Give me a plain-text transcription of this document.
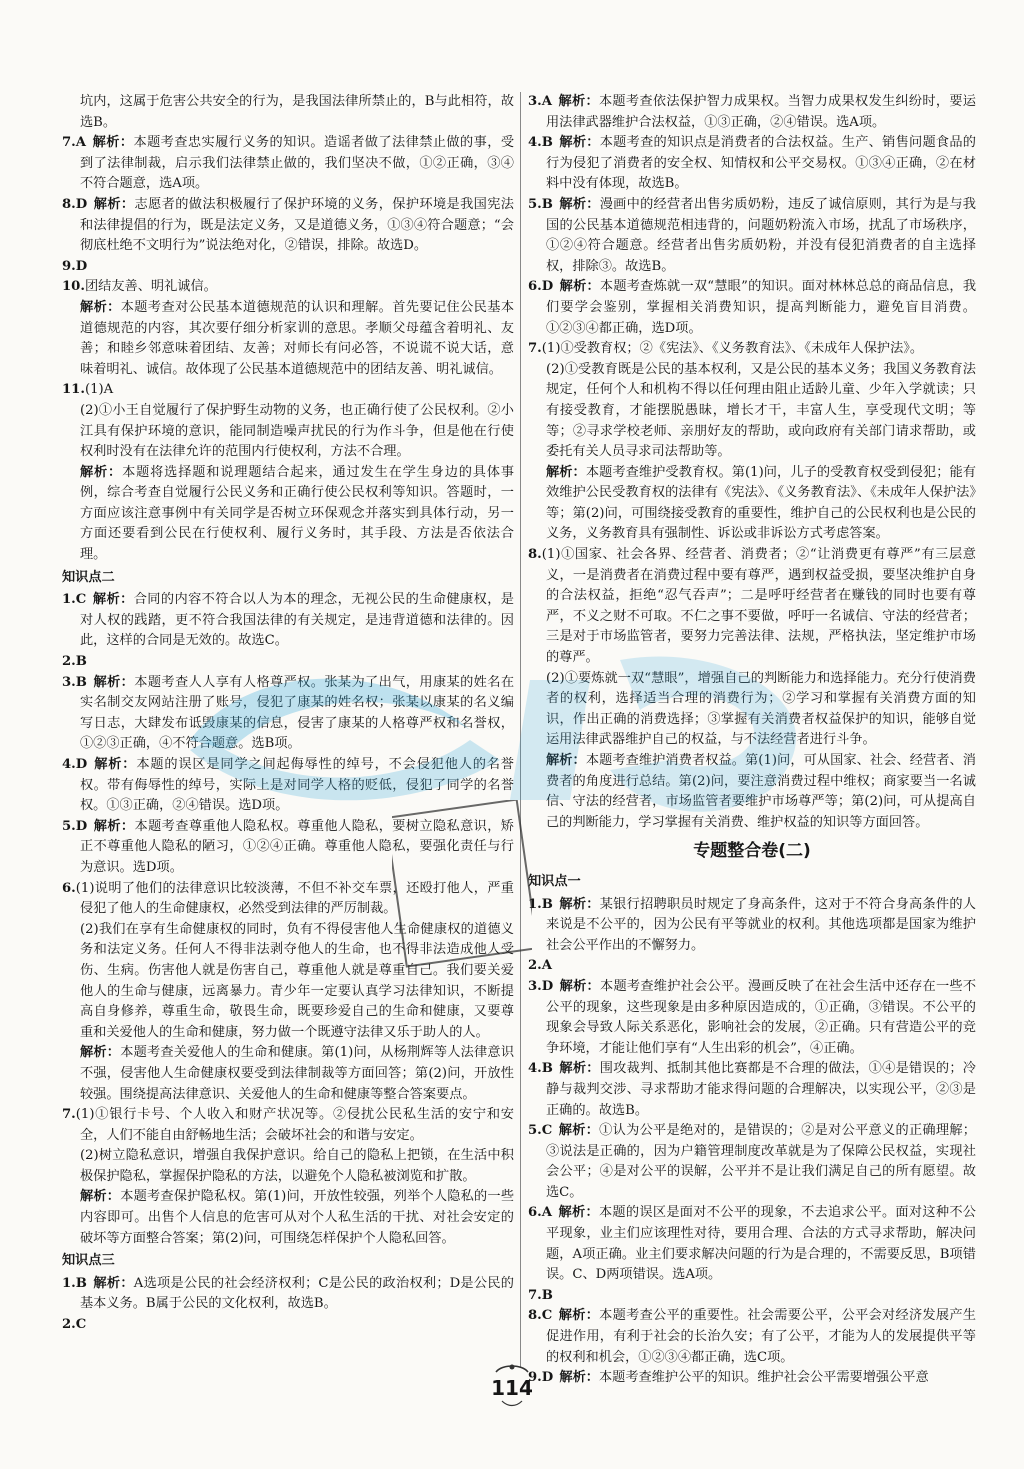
坑内，这属于危害公共安全的行为，是我国法律所禁止的，B与此相符，故选B。

7.A 解析：本题考查忠实履行义务的知识。造谣者做了法律禁止做的事，受到了法律制裁，启示我们法律禁止做的，我们坚决不做，①②正确，③④不符合题意，选A项。

8.D 解析：志愿者的做法积极履行了保护环境的义务，保护环境是我国宪法和法律提倡的行为，既是法定义务，又是道德义务，①③④符合题意；“会彻底杜绝不文明行为”说法绝对化，②错误，排除。故选D。

9.D

10.团结友善、明礼诚信。

解析：本题考查对公民基本道德规范的认识和理解。首先要记住公民基本道德规范的内容，其次要仔细分析家训的意思。孝顺父母蕴含着明礼、友善；和睦乡邻意味着团结、友善；对师长有问必答，不说谎不说大话，意味着明礼、诚信。故体现了公民基本道德规范中的团结友善、明礼诚信。

11.(1)A

(2)①小王自觉履行了保护野生动物的义务，也正确行使了公民权利。②小江具有保护环境的意识，能同制造噪声扰民的行为作斗争，但是他在行使权利时没有在法律允许的范围内行使权利，方法不合理。

解析：本题将选择题和说理题结合起来，通过发生在学生身边的具体事例，综合考查自觉履行公民义务和正确行使公民权利等知识。答题时，一方面应该注意事例中有关同学是否树立环保观念并落实到具体行动，另一方面还要看到公民在行使权利、履行义务时，其手段、方法是否依法合理。

知识点二

1.C 解析：合同的内容不符合以人为本的理念，无视公民的生命健康权，是对人权的践踏，更不符合我国法律的有关规定，是违背道德和法律的。因此，这样的合同是无效的。故选C。

2.B

3.B 解析：本题考查人人享有人格尊严权。张某为了出气，用康某的姓名在实名制交友网站注册了账号，侵犯了康某的姓名权；张某以康某的名义编写日志，大肆发布诋毁康某的信息，侵害了康某的人格尊严权和名誉权，①②③正确，④不符合题意。选B项。

4.D 解析：本题的误区是同学之间起侮辱性的绰号，不会侵犯他人的名誉权。带有侮辱性的绰号，实际上是对同学人格的贬低，侵犯了同学的名誉权。①③正确，②④错误。选D项。

5.D 解析：本题考查尊重他人隐私权。尊重他人隐私，要树立隐私意识，矫正不尊重他人隐私的陋习，①②④正确。尊重他人隐私，要强化责任与行为意识。选D项。

6.(1)说明了他们的法律意识比较淡薄，不但不补交车票，还殴打他人，严重侵犯了他人的生命健康权，必然受到法律的严厉制裁。

(2)我们在享有生命健康权的同时，负有不得侵害他人生命健康权的道德义务和法定义务。任何人不得非法剥夺他人的生命，也不得非法造成他人受伤、生病。伤害他人就是伤害自己，尊重他人就是尊重自己。我们要关爱他人的生命与健康，远离暴力。青少年一定要认真学习法律知识，不断提高自身修养，尊重生命，敬畏生命，既要珍爱自己的生命和健康，又要尊重和关爱他人的生命和健康，努力做一个既遵守法律又乐于助人的人。

解析：本题考查关爱他人的生命和健康。第(1)问，从杨荆辉等人法律意识不强，侵害他人生命健康权要受到法律制裁等方面回答；第(2)问，开放性较强。围绕提高法律意识、关爱他人的生命和健康等整合答案要点。

7.(1)①银行卡号、个人收入和财产状况等。②侵扰公民私生活的安宁和安全，人们不能自由舒畅地生活；会破坏社会的和谐与安定。

(2)树立隐私意识，增强自我保护意识。给自己的隐私上把锁，在生活中积极保护隐私，掌握保护隐私的方法，以避免个人隐私被浏览和扩散。

解析：本题考查保护隐私权。第(1)问，开放性较强，列举个人隐私的一些内容即可。出售个人信息的危害可从对个人私生活的干扰、对社会安定的破坏等方面整合答案；第(2)问，可围绕怎样保护个人隐私回答。

知识点三

1.B 解析：A选项是公民的社会经济权利；C是公民的政治权利；D是公民的基本义务。B属于公民的文化权利，故选B。

2.C

3.A 解析：本题考查依法保护智力成果权。当智力成果权发生纠纷时，要运用法律武器维护合法权益，①③正确，②④错误。选A项。

4.B 解析：本题考查的知识点是消费者的合法权益。生产、销售问题食品的行为侵犯了消费者的安全权、知情权和公平交易权。①③④正确，②在材料中没有体现，故选B。

5.B 解析：漫画中的经营者出售劣质奶粉，违反了诚信原则，其行为是与我国的公民基本道德规范相违背的，问题奶粉流入市场，扰乱了市场秩序，①②④符合题意。经营者出售劣质奶粉，并没有侵犯消费者的自主选择权，排除③。故选B。

6.D 解析：本题考查炼就一双“慧眼”的知识。面对林林总总的商品信息，我们要学会鉴别，掌握相关消费知识，提高判断能力，避免盲目消费。①②③④都正确，选D项。

7.(1)①受教育权；②《宪法》、《义务教育法》、《未成年人保护法》。

(2)①受教育既是公民的基本权利，又是公民的基本义务；我国义务教育法规定，任何个人和机构不得以任何理由阻止适龄儿童、少年入学就读；只有接受教育，才能摆脱愚昧，增长才干，丰富人生，享受现代文明；等等；②寻求学校老师、亲朋好友的帮助，或向政府有关部门请求帮助，或委托有关人员寻求司法帮助等。

解析：本题考查维护受教育权。第(1)问，儿子的受教育权受到侵犯；能有效维护公民受教育权的法律有《宪法》、《义务教育法》、《未成年人保护法》等；第(2)问，可围绕接受教育的重要性，维护自己的公民权利也是公民的义务，义务教育具有强制性、诉讼或非诉讼方式考虑答案。

8.(1)①国家、社会各界、经营者、消费者；②“让消费更有尊严”有三层意义，一是消费者在消费过程中要有尊严，遇到权益受损，要坚决维护自身的合法权益，拒绝“忍气吞声”；二是呼吁经营者在赚钱的同时也要有尊严，不义之财不可取。不仁之事不要做，呼吁一名诚信、守法的经营者；三是对于市场监管者，要努力完善法律、法规，严格执法，坚定维护市场的尊严。

(2)①要炼就一双“慧眼”，增强自己的判断能力和选择能力。充分行使消费者的权利，选择适当合理的消费行为；②学习和掌握有关消费方面的知识，作出正确的消费选择；③掌握有关消费者权益保护的知识，能够自觉运用法律武器维护自己的权益，与不法经营者进行斗争。

解析：本题考查维护消费者权益。第(1)问，可从国家、社会、经营者、消费者的角度进行总结。第(2)问，要注意消费过程中维权；商家要当一名诚信、守法的经营者，市场监管者要维护市场尊严等；第(2)问，可从提高自己的判断能力，学习掌握有关消费、维护权益的知识等方面回答。

专题整合卷(二)
知识点一

1.B 解析：某银行招聘职员时规定了身高条件，这对于不符合身高条件的人来说是不公平的，因为公民有平等就业的权利。其他选项都是国家为维护社会公平作出的不懈努力。

2.A

3.D 解析：本题考查维护社会公平。漫画反映了在社会生活中还存在一些不公平的现象，这些现象是由多种原因造成的，①正确，③错误。不公平的现象会导致人际关系恶化，影响社会的发展，②正确。只有营造公平的竞争环境，才能让他们享有“人生出彩的机会”，④正确。

4.B 解析：围攻裁判、抵制其他比赛都是不合理的做法，①④是错误的；冷静与裁判交涉、寻求帮助才能求得问题的合理解决，以实现公平，②③是正确的。故选B。

5.C 解析：①认为公平是绝对的，是错误的；②是对公平意义的正确理解；③说法是正确的，因为户籍管理制度改革就是为了保障公民权益，实现社会公平；④是对公平的误解，公平并不是让我们满足自己的所有愿望。故选C。

6.A 解析：本题的误区是面对不公平的现象，不去追求公平。面对这种不公平现象，业主们应该理性对待，要用合理、合法的方式寻求帮助，解决问题，A项正确。业主们要求解决问题的行为是合理的，不需要反思，B项错误。C、D两项错误。选A项。

7.B

8.C 解析：本题考查公平的重要性。社会需要公平，公平会对经济发展产生促进作用，有利于社会的长治久安；有了公平，才能为人的发展提供平等的权利和机会，①②③④都正确，选C项。

9.D 解析：本题考查维护公平的知识。维护社会公平需要增强公平意

114
